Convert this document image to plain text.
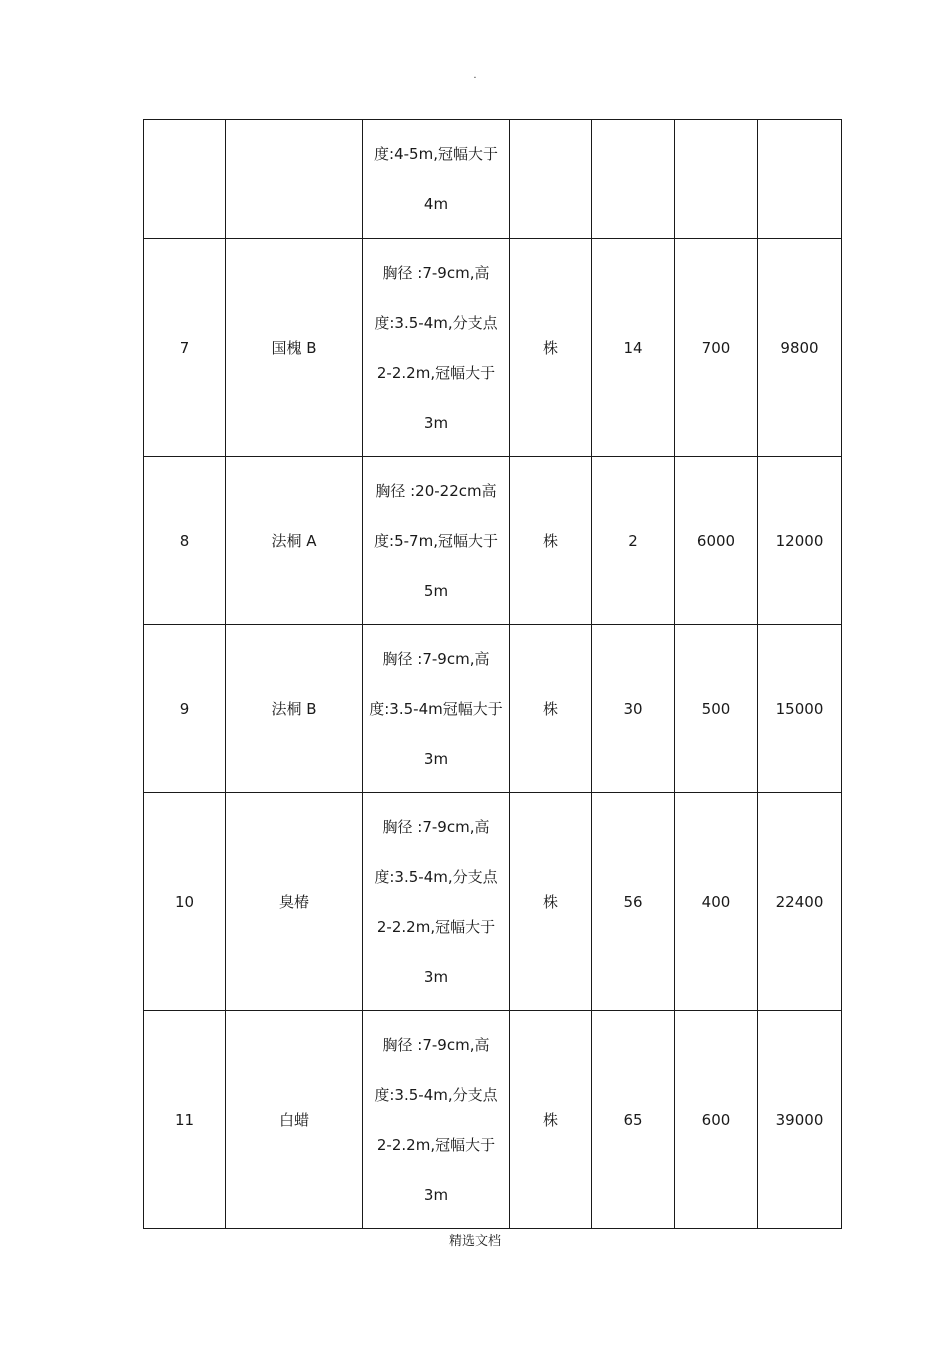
.
		度:4-5m,冠幅大于
4m				
7	国槐 B	胸径 :7-9cm,高
度:3.5-4m,分支点
2-2.2m,冠幅大于
3m	株	14	700	9800
8	法桐 A	胸径 :20-22cm高
度:5-7m,冠幅大于
5m	株	2	6000	12000
9	法桐 B	胸径 :7-9cm,高
度:3.5-4m冠幅大于
3m	株	30	500	15000
10	臭椿	胸径 :7-9cm,高
度:3.5-4m,分支点
2-2.2m,冠幅大于
3m	株	56	400	22400
11	白蜡	胸径 :7-9cm,高
度:3.5-4m,分支点
2-2.2m,冠幅大于
3m	株	65	600	39000
精选文档
